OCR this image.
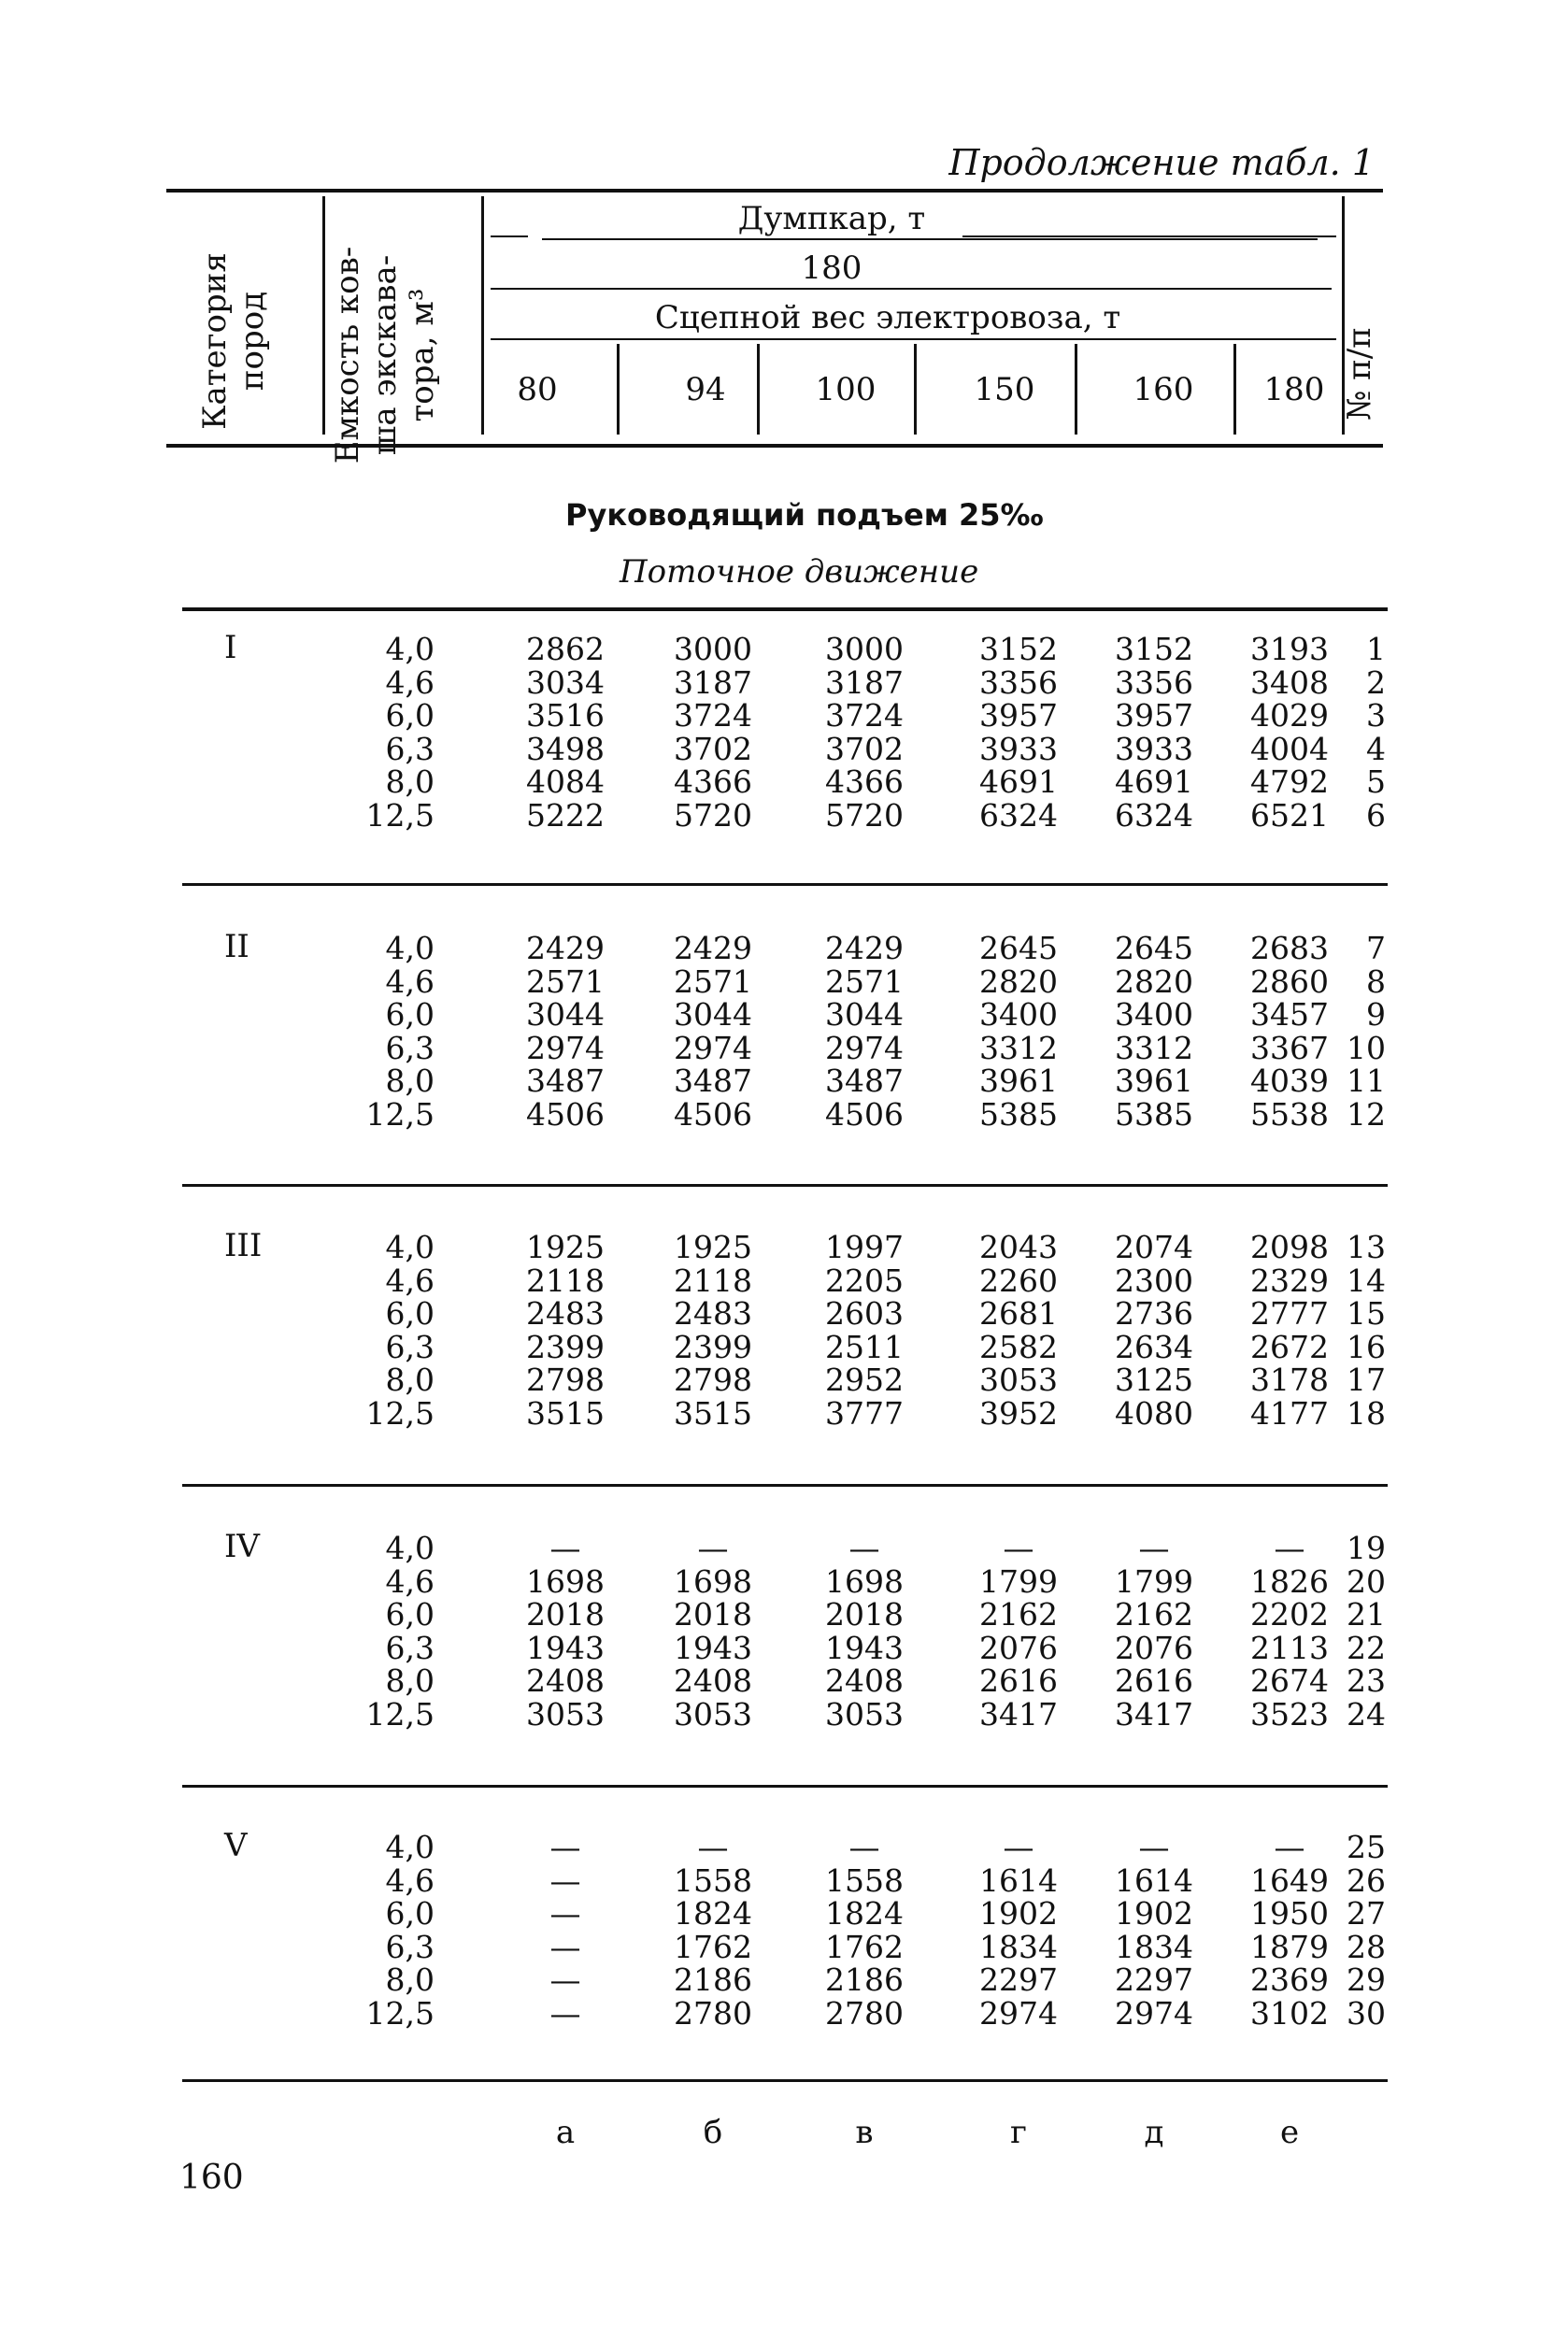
Продолжение табл. 1
Категория пород Емкость ков- ша экскава- тора, м³	№ п/п
Думпкар, т
180
Сцепной вес электровоза, т
80	94	100	150	160	180
Руководящий подъем 25‰
Поточное движение
I	4,0	2862 3000 3000 3152 3152 3193	1
4,6	3034 3187 3187 3356 3356 3408	2
6,0	3516 3724 3724 3957 3957 4029	3
6,3	3498 3702 3702 3933 3933 4004	4
8,0	4084 4366 4366 4691 4691 4792	5
12,5	5222 5720 5720 6324 6324 6521	6
II	4,0	2429 2429 2429 2645 2645 2683	7
4,6	2571 2571 2571 2820 2820 2860	8
6,0	3044 3044 3044 3400 3400 3457	9
6,3	2974 2974 2974 3312 3312 3367 10
8,0	3487 3487 3487 3961 3961 4039 11
12,5	4506 4506 4506 5385 5385 5538 12
III	4,0	1925 1925 1997 2043 2074 2098 13
4,6	2118 2118 2205 2260 2300 2329 14
6,0	2483 2483 2603 2681 2736 2777 15
6,3	2399 2399 2511 2582 2634 2672 16
8,0	2798 2798 2952 3053 3125 3178 17
12,5	3515 3515 3777 3952 4080 4177 18
IV	4,0	—	—	—	—	—	—	19
4,6	1698 1698 1698 1799 1799 1826 20
6,0	2018 2018 2018 2162 2162 2202 21
6,3	1943 1943 1943 2076 2076 2113 22
8,0	2408 2408 2408 2616 2616 2674 23
12,5	3053 3053 3053 3417 3417 3523 24
V	4,0	—	—	—	—	—	—	25
4,6	—	1558 1558 1614 1614 1649 26
6,0	—	1824 1824 1902 1902 1950 27
6,3	—	1762 1762 1834 1834 1879 28
8,0	—	2186 2186 2297 2297 2369 29
12,5	—	2780 2780 2974 2974 3102 30
а	б	в	г	д	е
160
